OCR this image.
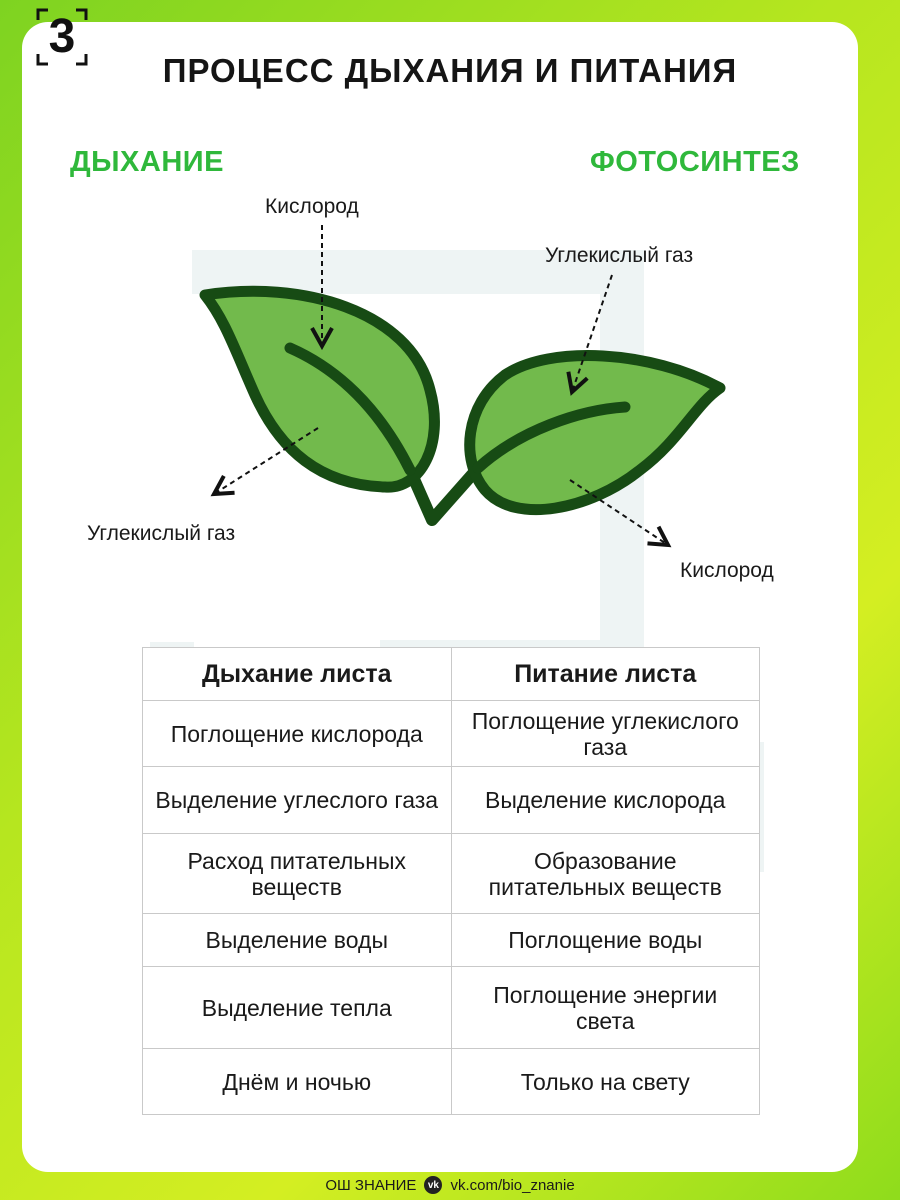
3
ПРОЦЕСС ДЫХАНИЯ И ПИТАНИЯ
ДЫХАНИЕ	ФОТОСИНТЕЗ
Кислород
Углекислый газ
Углекислый газ
Кислород
Дыхание листа	Питание листа
Поглощение кислорода	Поглощение углекислого газа
Выделение углеслого газа	Выделение кислорода
Расход питательных веществ	Образование питательных веществ
Выделение воды	Поглощение воды
Выделение тепла	Поглощение энергии света
Днём и ночью	Только на свету
ОШ ЗНАНИЕ	vk vk.com/bio_znanie
